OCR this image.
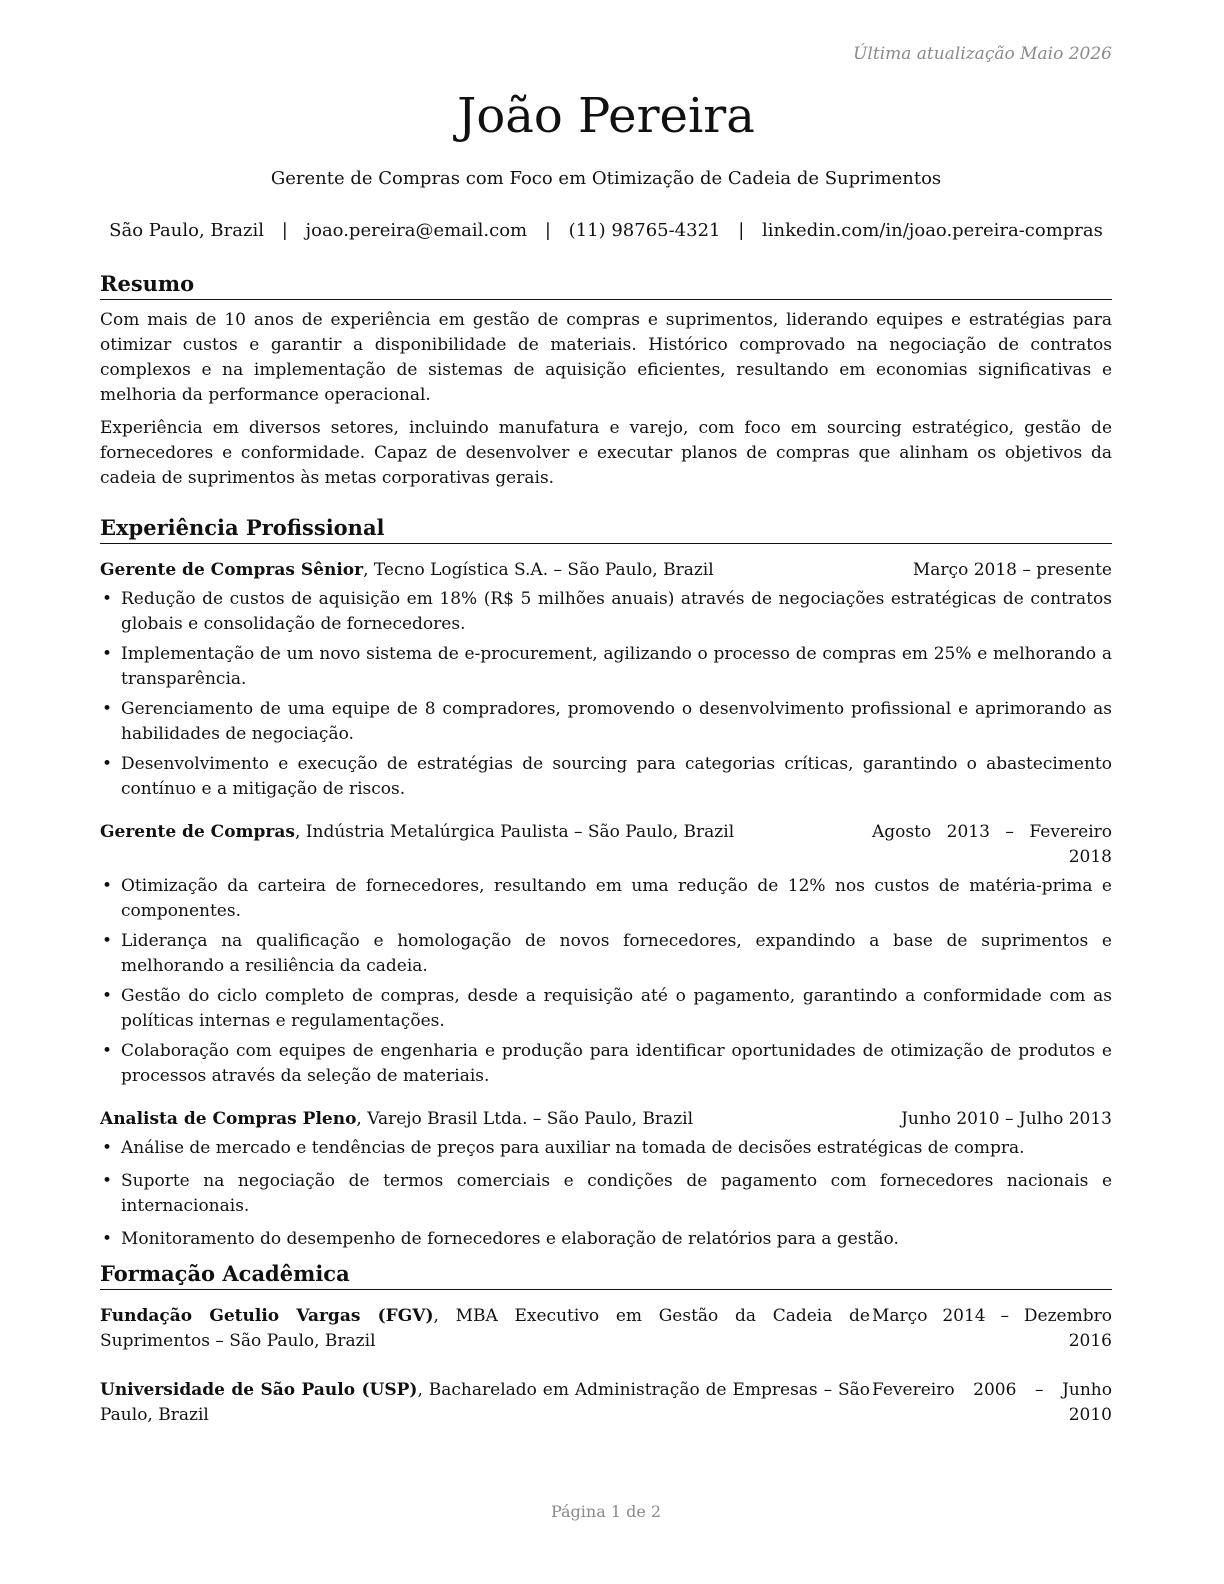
Última atualização Maio 2026
João Pereira
Gerente de Compras com Foco em Otimização de Cadeia de Suprimentos
São Paulo, Brazil | joao.pereira@email.com | (11) 98765-4321 | linkedin.com/in/joao.pereira-compras
Resumo

Com mais de 10 anos de experiência em gestão de compras e suprimentos, liderando equipes e estratégias para otimizar custos e garantir a disponibilidade de materiais. Histórico comprovado na negociação de contratos complexos e na implementação de sistemas de aquisição eficientes, resultando em economias significativas e melhoria da performance operacional.

Experiência em diversos setores, incluindo manufatura e varejo, com foco em sourcing estratégico, gestão de fornecedores e conformidade. Capaz de desenvolver e executar planos de compras que alinham os objetivos da cadeia de suprimentos às metas corporativas gerais.

Experiência Profissional
Gerente de Compras Sênior, Tecno Logística S.A. – São Paulo, Brazil	Março 2018 – presente
• Redução de custos de aquisição em 18% (R$ 5 milhões anuais) através de negociações estratégicas de contratos globais e consolidação de fornecedores.
• Implementação de um novo sistema de e-procurement, agilizando o processo de compras em 25% e melhorando a transparência.
• Gerenciamento de uma equipe de 8 compradores, promovendo o desenvolvimento profissional e aprimorando as habilidades de negociação.
• Desenvolvimento e execução de estratégias de sourcing para categorias críticas, garantindo o abastecimento contínuo e a mitigação de riscos.
Gerente de Compras, Indústria Metalúrgica Paulista – São Paulo, Brazil	Agosto 2013 – Fevereiro 2018
• Otimização da carteira de fornecedores, resultando em uma redução de 12% nos custos de matéria-prima e componentes.
• Liderança na qualificação e homologação de novos fornecedores, expandindo a base de suprimentos e melhorando a resiliência da cadeia.
• Gestão do ciclo completo de compras, desde a requisição até o pagamento, garantindo a conformidade com as políticas internas e regulamentações.
• Colaboração com equipes de engenharia e produção para identificar oportunidades de otimização de produtos e processos através da seleção de materiais.
Analista de Compras Pleno, Varejo Brasil Ltda. – São Paulo, Brazil	Junho 2010 – Julho 2013
• Análise de mercado e tendências de preços para auxiliar na tomada de decisões estratégicas de compra.
• Suporte na negociação de termos comerciais e condições de pagamento com fornecedores nacionais e internacionais.
• Monitoramento do desempenho de fornecedores e elaboração de relatórios para a gestão.
Formação Acadêmica
Fundação Getulio Vargas (FGV), MBA Executivo em Gestão da Cadeia de Suprimentos – São Paulo, Brazil
Março 2014 – Dezembro 2016
Universidade de São Paulo (USP), Bacharelado em Administração de Empresas – São Paulo, Brazil
Fevereiro 2006 – Junho 2010
Página 1 de 2
